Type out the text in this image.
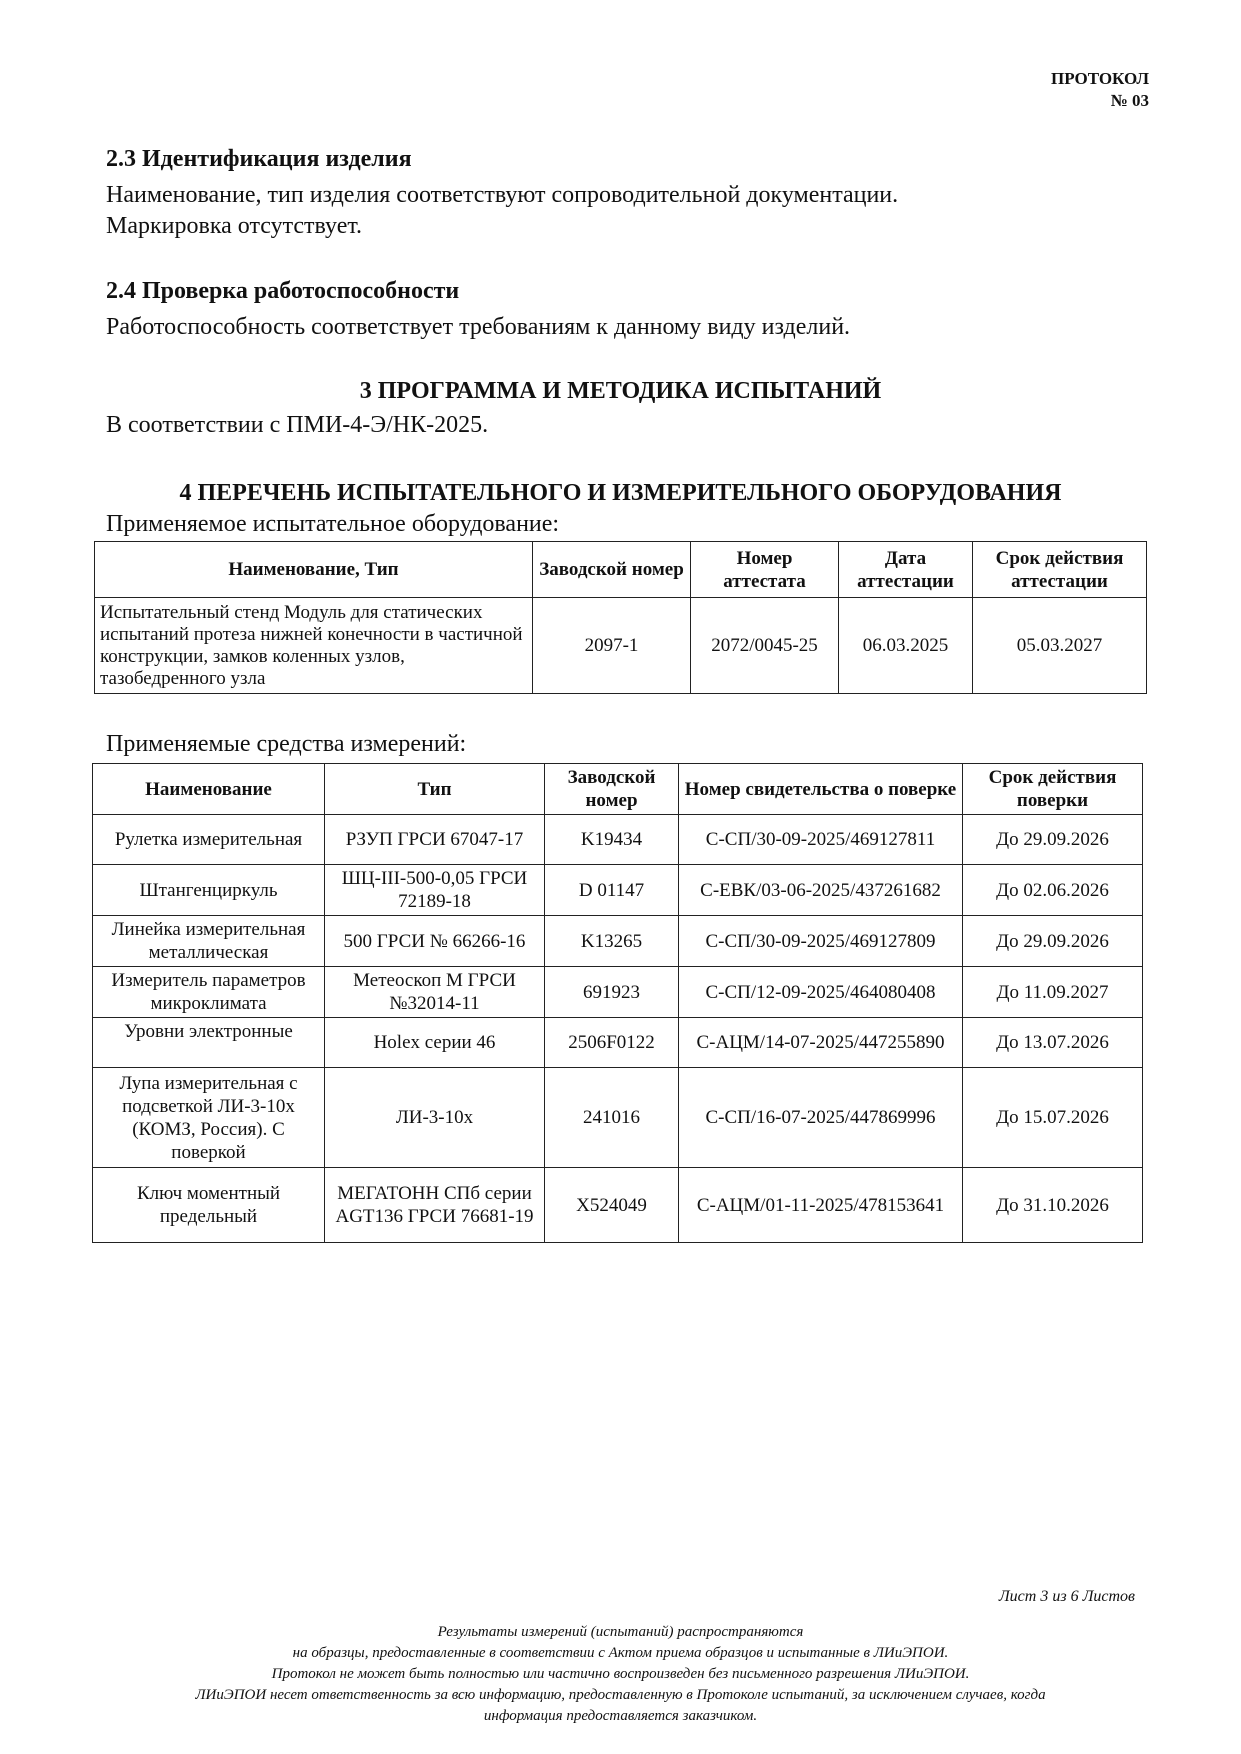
ПРОТОКОЛ
№ 03
2.3 Идентификация изделия
Наименование, тип изделия соответствуют сопроводительной документации.
Маркировка отсутствует.
2.4 Проверка работоспособности
Работоспособность соответствует требованиям к данному виду изделий.
3 ПРОГРАММА И МЕТОДИКА ИСПЫТАНИЙ
В соответствии с ПМИ-4-Э/НК-2025.
4 ПЕРЕЧЕНЬ ИСПЫТАТЕЛЬНОГО И ИЗМЕРИТЕЛЬНОГО ОБОРУДОВАНИЯ
Применяемое испытательное оборудование:
Наименование, Тип	Заводской номер	Номер аттестата	Дата аттестации	Срок действия аттестации
Испытательный стенд Модуль для статических испытаний протеза нижней конечности в частичной конструкции, замков коленных узлов, тазобедренного узла	2097-1	2072/0045-25	06.03.2025	05.03.2027
Применяемые средства измерений:
Наименование	Тип	Заводской номер	Номер свидетельства о поверке	Срок действия поверки
Рулетка измерительная	РЗУП ГРСИ 67047-17	K19434	С-СП/30-09-2025/469127811	До 29.09.2026
Штангенциркуль	ШЦ-III-500-0,05 ГРСИ 72189-18	D 01147	С-ЕВК/03-06-2025/437261682	До 02.06.2026
Линейка измерительная металлическая	500 ГРСИ № 66266-16	K13265	С-СП/30-09-2025/469127809	До 29.09.2026
Измеритель параметров микроклимата	Метеоскоп М ГРСИ №32014-11	691923	С-СП/12-09-2025/464080408	До 11.09.2027
Уровни электронные	Holex серии 46	2506F0122	С-АЦМ/14-07-2025/447255890	До 13.07.2026
Лупа измерительная с подсветкой ЛИ-3-10х (КОМЗ, Россия). С поверкой	ЛИ-3-10х	241016	С-СП/16-07-2025/447869996	До 15.07.2026
Ключ моментный предельный	МЕГАТОНН СПб серии AGT136 ГРСИ 76681-19	X524049	С-АЦМ/01-11-2025/478153641	До 31.10.2026
Лист 3 из 6 Листов
Результаты измерений (испытаний) распространяются
на образцы, предоставленные в соответствии с Актом приема образцов и испытанные в ЛИиЭПОИ.
Протокол не может быть полностью или частично воспроизведен без письменного разрешения ЛИиЭПОИ.
ЛИиЭПОИ несет ответственность за всю информацию, предоставленную в Протоколе испытаний, за исключением случаев, когда
информация предоставляется заказчиком.
